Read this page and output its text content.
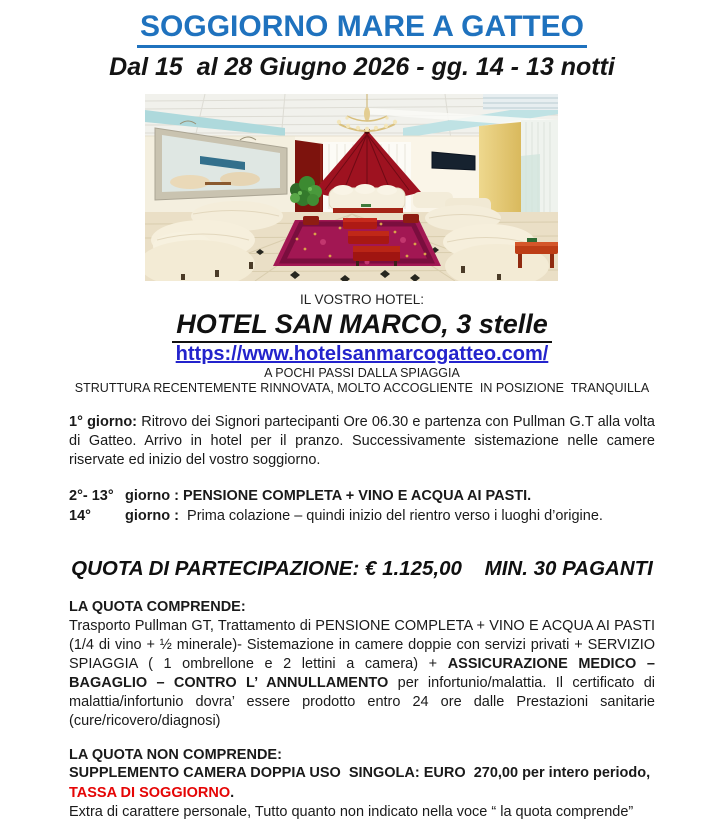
SOGGIORNO MARE A GATTEO
Dal 15  al 28 Giugno 2026 - gg. 14 - 13 notti
IL VOSTRO HOTEL:
HOTEL SAN MARCO, 3 stelle
https://www.hotelsanmarcogatteo.com/
A POCHI PASSI DALLA SPIAGGIA
STRUTTURA RECENTEMENTE RINNOVATA, MOLTO ACCOGLIENTE  IN POSIZIONE  TRANQUILLA
1° giorno: Ritrovo dei Signori partecipanti Ore 06.30 e partenza con Pullman G.T alla volta di Gatteo. Arrivo in hotel per il pranzo. Successivamente sistemazione nelle camere riservate ed inizio del vostro soggiorno.
2°- 13° giorno : PENSIONE COMPLETA + VINO E ACQUA AI PASTI.
14° giorno :  Prima colazione – quindi inizio del rientro verso i luoghi d’origine.
QUOTA DI PARTECIPAZIONE: € 1.125,00    MIN. 30 PAGANTI
LA QUOTA COMPRENDE:
Trasporto Pullman GT, Trattamento di PENSIONE COMPLETA + VINO E ACQUA AI PASTI (1/4 di vino + ½ minerale)- Sistemazione in camere doppie con servizi privati + SERVIZIO SPIAGGIA ( 1 ombrellone e 2 lettini a camera) + ASSICURAZIONE MEDICO – BAGAGLIO – CONTRO L’ ANNULLAMENTO per infortunio/malattia. Il certificato di malattia/infortunio dovra’ essere prodotto entro 24 ore dalle Prestazioni sanitarie (cure/ricovero/diagnosi)
LA QUOTA NON COMPRENDE:
SUPPLEMENTO CAMERA DOPPIA USO  SINGOLA: EURO  270,00 per intero periodo, TASSA DI SOGGIORNO.
Extra di carattere personale, Tutto quanto non indicato nella voce “ la quota comprende”
